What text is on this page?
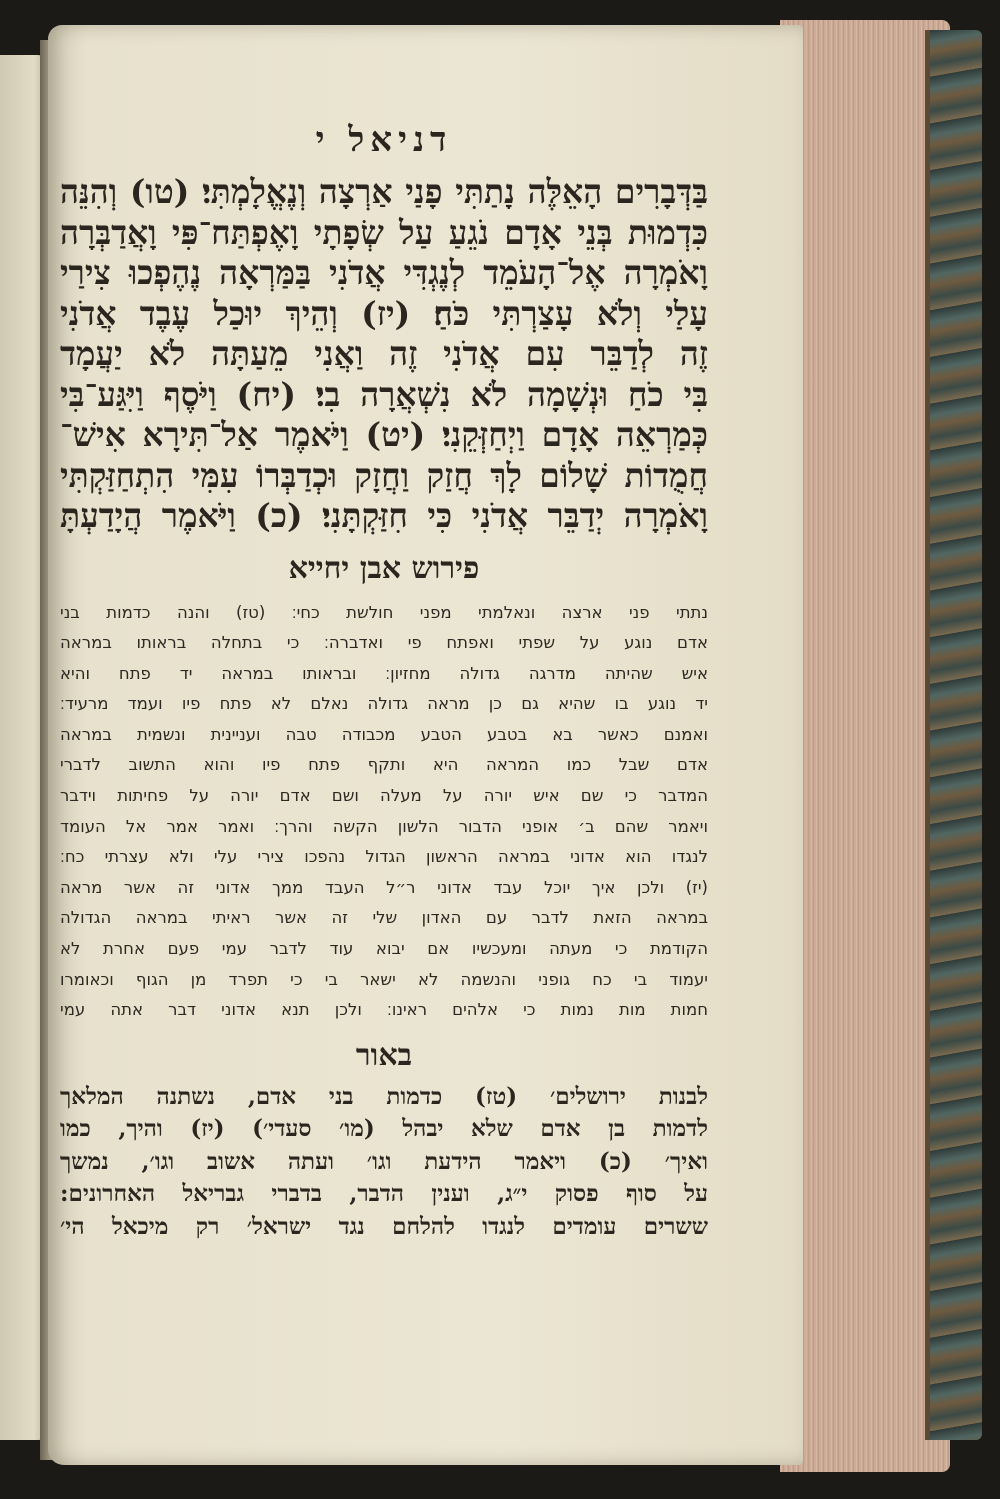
דניאל י
בַּדְּבָרִים הָאֵלֶּה נָתַתִּי פָנַי אַרְצָה וְנֶאֱלָמְתִּי׃ (טו) וְהִנֵּה
כִּדְמוּת בְּנֵי אָדָם נֹגֵעַ עַל שְׂפָתָי וָאֶפְתַּח־פִּי וָאֲדַבְּרָה
וָאֹמְרָה אֶל־הָעֹמֵד לְנֶגְדִּי אֲדֹנִי בַּמַּרְאָה נֶהֶפְכוּ צִירַי
עָלַי וְלֹא עָצַרְתִּי כֹּחַ׃ (יז) וְהֵיךְ יוּכַל עֶבֶד אֲדֹנִי
זֶה לְדַבֵּר עִם אֲדֹנִי זֶה וַאֲנִי מֵעַתָּה לֹא יַעֲמָד
בִּי כֹחַ וּנְשָׁמָה לֹא נִשְׁאֲרָה בִי׃ (יח) וַיֹּסֶף וַיִּגַּע־בִּי
כְּמַרְאֵה אָדָם וַיְחַזְּקֵנִי׃ (יט) וַיֹּאמֶר אַל־תִּירָא אִישׁ־
חֲמֻדוֹת שָׁלוֹם לָךְ חֲזַק וַחֲזָק וּכְדַבְּרוֹ עִמִּי הִתְחַזַּקְתִּי
וָאֹמְרָה יְדַבֵּר אֲדֹנִי כִּי חִזַּקְתָּנִי׃ (כ) וַיֹּאמֶר הֲיָדַעְתָּ
פירוש אבן יחייא
נתתי פני ארצה ונאלמתי מפני חולשת כחי׃ (טז) והנה כדמות בני
אדם נוגע על שפתי ואפתח פי ואדברה׃ כי בתחלה בראותו במראה
איש שהיתה מדרגה גדולה מחזיון׃ ובראותו במראה יד פתח והיא
יד נוגע בו שהיא גם כן מראה גדולה נאלם לא פתח פיו ועמד מרעיד׃
ואמנם כאשר בא בטבע הטבע מכבודה טבה ועניינית ונשמית במראה
אדם שבל כמו המראה היא ותקף פתח פיו והוא התשוב לדברי
המדבר כי שם איש יורה על מעלה ושם אדם יורה על פחיתות וידבר
ויאמר שהם ב׳ אופני הדבור הלשון הקשה והרך׃ ואמר אמר אל העומד
לנגדו הוא אדוני במראה הראשון הגדול נהפכו צירי עלי ולא עצרתי כח׃
(יז) ולכן איך יוכל עבד אדוני ר״ל העבד ממך אדוני זה אשר מראה
במראה הזאת לדבר עם האדון שלי זה אשר ראיתי במראה הגדולה
הקודמת כי מעתה ומעכשיו אם יבוא עוד לדבר עמי פעם אחרת לא
יעמוד בי כח גופני והנשמה לא ישאר בי כי תפרד מן הגוף וכאומרו
חמות מות נמות כי אלהים ראינו׃ ולכן תנא אדוני דבר אתה עמי
באור
לבנות ירושלים׳ (טז) כדמות בני אדם, נשתנה המלאך
לדמות בן אדם שלא יבהל (מו׳ סעדי׳) (יז) והיך, כמו
ואיך׳ (כ) ויאמר הידעת וגו׳ ועתה אשוב וגו׳, נמשך
על סוף פסוק י״ג, וענין הדבר, בדברי גבריאל האחרונים:
ששרים עומדים לנגדו להלחם נגד ישראל׳ רק מיכאל הי׳
